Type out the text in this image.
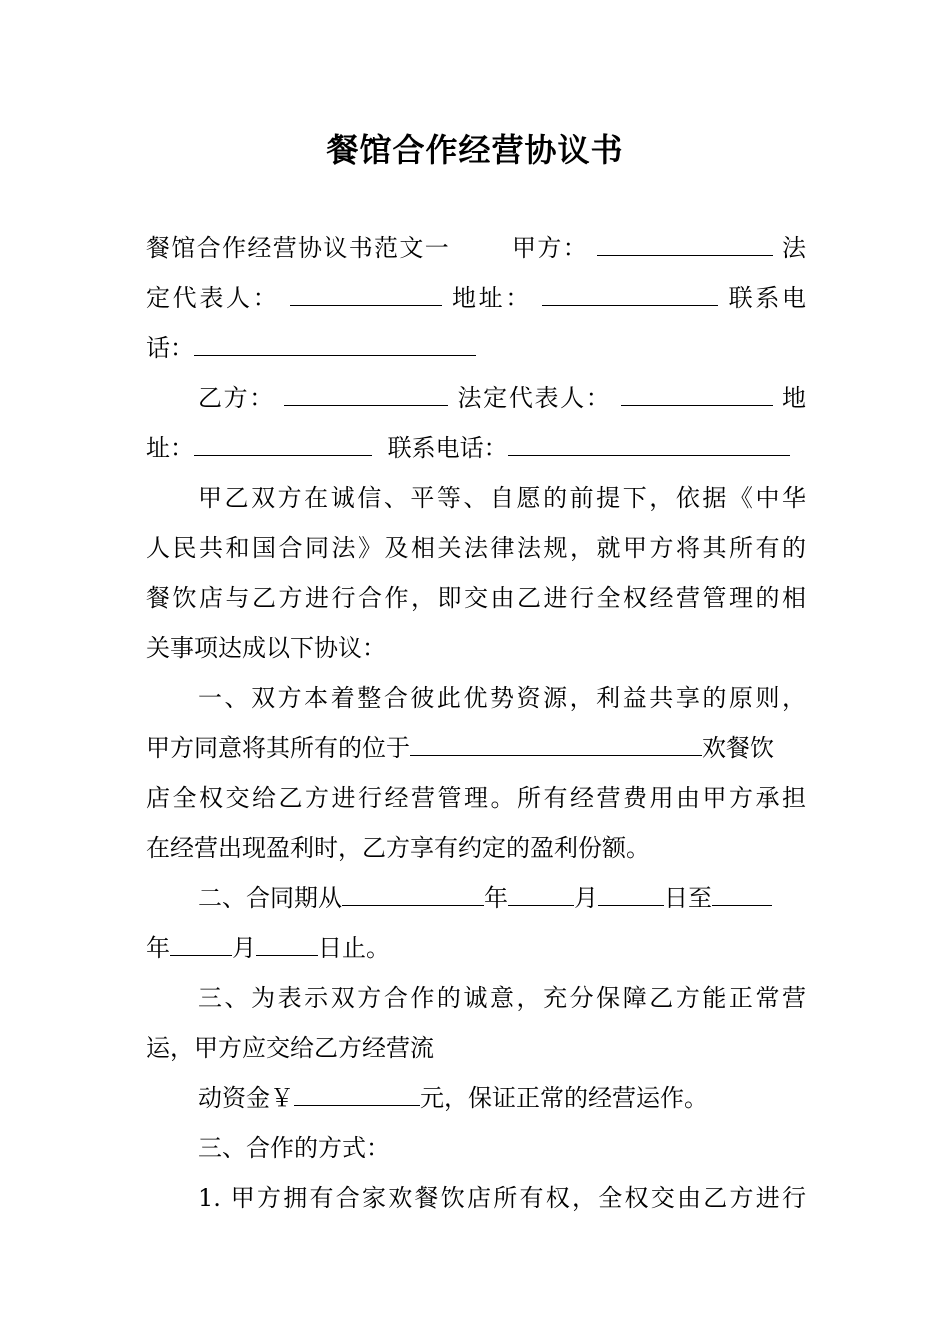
餐馆合作经营协议书
餐馆合作经营协议书范文一	甲方：	法
定代表人：	地址：	联系电
话：
乙方：	法定代表人：	地
址：	联系电话：
甲乙双方在诚信、平等、自愿的前提下，依据《中华
人民共和国合同法》及相关法律法规，就甲方将其所有的
餐饮店与乙方进行合作，即交由乙进行全权经营管理的相
关事项达成以下协议：
一、双方本着整合彼此优势资源，利益共享的原则，
甲方同意将其所有的位于	欢餐饮
店全权交给乙方进行经营管理。所有经营费用由甲方承担
在经营出现盈利时，乙方享有约定的盈利份额。
二、合同期从	年	月	日至
年	月	日止。
三、为表示双方合作的诚意，充分保障乙方能正常营
运，甲方应交给乙方经营流
动资金￥	元，保证正常的经营运作。
三、合作的方式：
1. 甲方拥有合家欢餐饮店所有权，全权交由乙方进行
